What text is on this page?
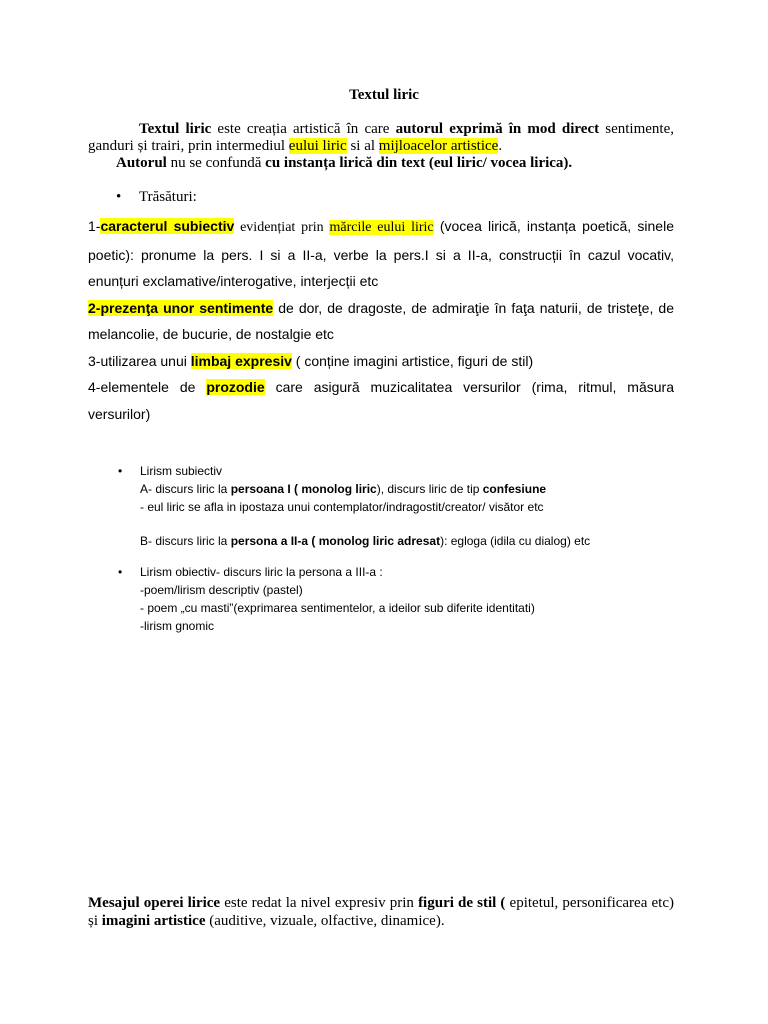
Textul liric

Textul liric este creația artistică în care autorul exprimă în mod direct sentimente, ganduri și trairi, prin intermediul eului liric si al mijloacelor artistice.

Autorul nu se confundă cu instanța lirică din text (eul liric/ vocea lirica).

• Trăsături:

1-caracterul subiectiv evidențiat prin mărcile eului liric (vocea lirică, instanța poetică, sinele poetic): pronume la pers. I si a II-a, verbe la pers.I si a II-a, construcții în cazul vocativ, enunțuri exclamative/interogative, interjecții etc

2-prezenţa unor sentimente de dor, de dragoste, de admiraţie în faţa naturii, de tristeţe, de melancolie, de bucurie, de nostalgie etc

3-utilizarea unui limbaj expresiv ( conține imagini artistice, figuri de stil)

4-elementele de prozodie care asigură muzicalitatea versurilor (rima, ritmul, măsura versurilor)

• Lirism subiectiv
A- discurs liric la persoana I ( monolog liric), discurs liric de tip confesiune
- eul liric se afla in ipostaza unui contemplator/indragostit/creator/ visător etc
B- discurs liric la persona a II-a ( monolog liric adresat): egloga (idila cu dialog) etc
• Lirism obiectiv- discurs liric la persona a III-a :
-poem/lirism descriptiv (pastel)
- poem „cu masti”(exprimarea sentimentelor, a ideilor sub diferite identitati)
-lirism gnomic

Mesajul operei lirice este redat la nivel expresiv prin figuri de stil ( epitetul, personificarea etc) și imagini artistice (auditive, vizuale, olfactive, dinamice).
